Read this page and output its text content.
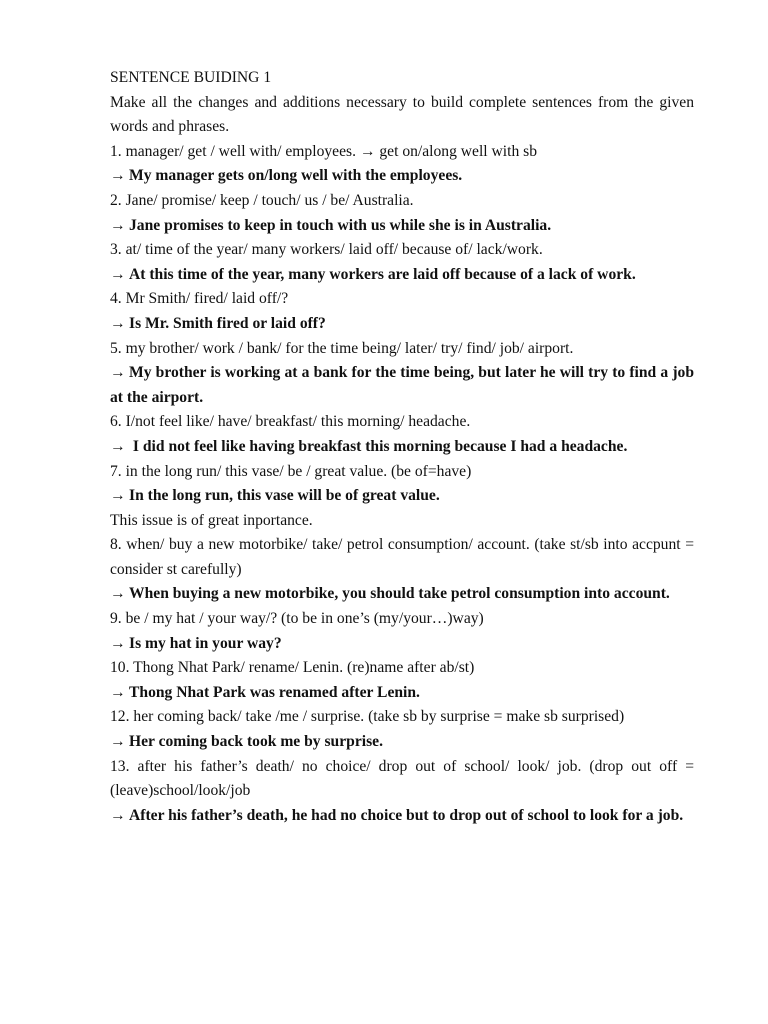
SENTENCE BUIDING 1
Make all the changes and additions necessary to build complete sentences from the given words and phrases.
1. manager/ get / well with/ employees. → get on/along well with sb
→ My manager gets on/long well with the employees.
2. Jane/ promise/ keep / touch/ us / be/ Australia.
→ Jane promises to keep in touch with us while she is in Australia.
3. at/ time of the year/ many workers/ laid off/ because of/ lack/work.
→ At this time of the year, many workers are laid off because of a lack of work.
4. Mr Smith/ fired/ laid off/?
→ Is Mr. Smith fired or laid off?
5. my brother/ work / bank/ for the time being/ later/ try/ find/ job/ airport.
→ My brother is working at a bank for the time being, but later he will try to find a job at the airport.
6. I/not feel like/ have/ breakfast/ this morning/ headache.
→ I did not feel like having breakfast this morning because I had a headache.
7. in the long run/ this vase/ be / great value. (be of=have)
→ In the long run, this vase will be of great value.
This issue is of great inportance.
8. when/ buy a new motorbike/ take/ petrol consumption/ account. (take st/sb into accpunt = consider st carefully)
→ When buying a new motorbike, you should take petrol consumption into account.
9. be / my hat / your way/? (to be in one’s (my/your…)way)
→ Is my hat in your way?
10. Thong Nhat Park/ rename/ Lenin. (re)name after ab/st)
→ Thong Nhat Park was renamed after Lenin.
12. her coming back/ take /me / surprise. (take sb by surprise = make sb surprised)
→ Her coming back took me by surprise.
13. after his father’s death/ no choice/ drop out of school/ look/ job. (drop out off = (leave)school/look/job
→ After his father’s death, he had no choice but to drop out of school to look for a job.
